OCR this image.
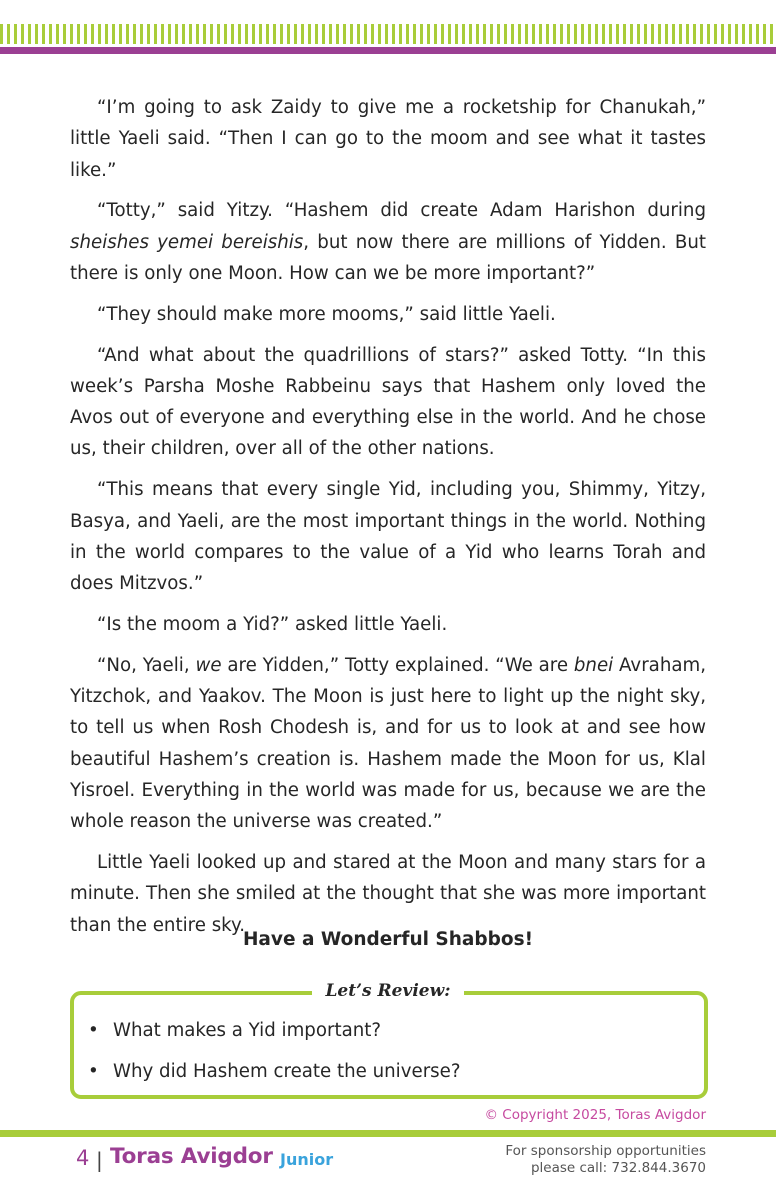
“I’m going to ask Zaidy to give me a rocketship for Chanukah,” little Yaeli said. “Then I can go to the moom and see what it tastes like.”

“Totty,” said Yitzy. “Hashem did create Adam Harishon during sheishes yemei bereishis, but now there are millions of Yidden. But there is only one Moon. How can we be more important?”

“They should make more mooms,” said little Yaeli.

“And what about the quadrillions of stars?” asked Totty. “In this week’s Parsha Moshe Rabbeinu says that Hashem only loved the Avos out of everyone and everything else in the world. And he chose us, their children, over all of the other nations.

“This means that every single Yid, including you, Shimmy, Yitzy, Basya, and Yaeli, are the most important things in the world. Nothing in the world compares to the value of a Yid who learns Torah and does Mitzvos.”

“Is the moom a Yid?” asked little Yaeli.

“No, Yaeli, we are Yidden,” Totty explained. “We are bnei Avraham, Yitzchok, and Yaakov. The Moon is just here to light up the night sky, to tell us when Rosh Chodesh is, and for us to look at and see how beautiful Hashem’s creation is. Hashem made the Moon for us, Klal Yisroel. Everything in the world was made for us, because we are the whole reason the universe was created.”

Little Yaeli looked up and stared at the Moon and many stars for a minute. Then she smiled at the thought that she was more important than the entire sky.

Have a Wonderful Shabbos!
Let’s Review:
• What makes a Yid important?
• Why did Hashem create the universe?
© Copyright 2025, Toras Avigdor
4 | Toras Avigdor Junior	For sponsorship opportunities
please call: 732.844.3670
